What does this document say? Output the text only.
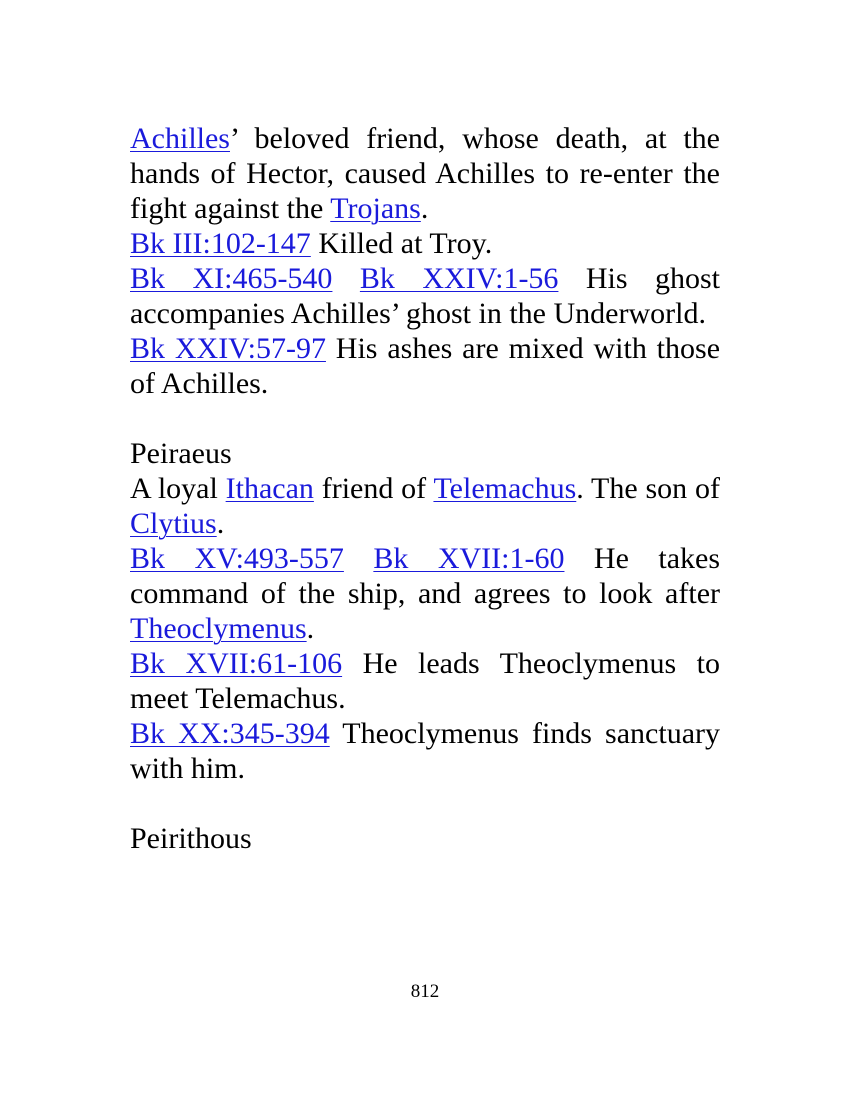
Achilles’ beloved friend, whose death, at the hands of Hector, caused Achilles to re-enter the fight against the Trojans.

Bk III:102-147 Killed at Troy.

Bk XI:465-540 Bk XXIV:1-56 His ghost accompanies Achilles’ ghost in the Underworld.

Bk XXIV:57-97 His ashes are mixed with those of Achilles.

Peiraeus

A loyal Ithacan friend of Telemachus. The son of Clytius.

Bk XV:493-557 Bk XVII:1-60 He takes command of the ship, and agrees to look after Theoclymenus.

Bk XVII:61-106 He leads Theoclymenus to meet Telemachus.

Bk XX:345-394 Theoclymenus finds sanctuary with him.

Peirithous

812
